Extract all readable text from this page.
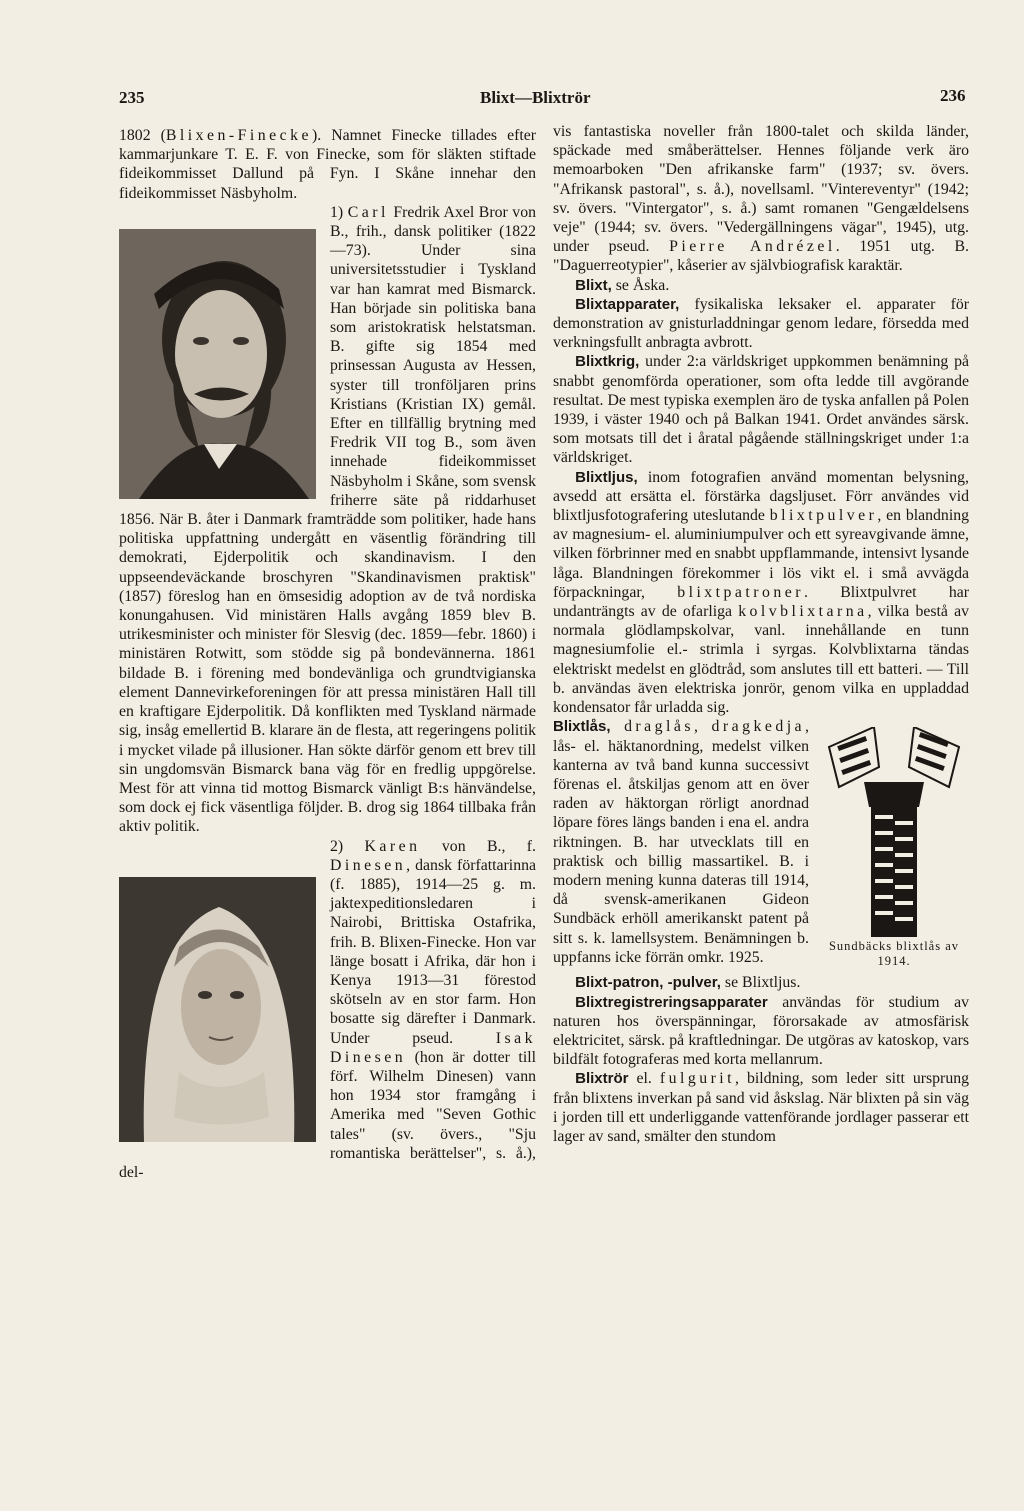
235	Blixt—Blixtrör	236

1802 (Blixen-Finecke). Namnet Finecke tillades efter kammarjunkare T. E. F. von Finecke, som för släkten stiftade fideikommisset Dallund på Fyn. I Skåne innehar den fideikommisset Näsbyholm.

1) Carl Fredrik Axel Bror von B., frih., dansk politiker (1822—73). Under sina universitetsstudier i Tyskland var han kamrat med Bismarck. Han började sin politiska bana som aristokratisk helstatsman. B. gifte sig 1854 med prinsessan Augusta av Hessen, syster till tronföljaren prins Kristians (Kristian IX) gemål. Efter en tillfällig brytning med Fredrik VII tog B., som även innehade fideikommisset Näsbyholm i Skåne, som svensk friherre säte på riddarhuset 1856. När B. åter i Danmark framträdde som politiker, hade hans politiska uppfattning undergått en väsentlig förändring till demokrati, Ejderpolitik och skandinavism. I den uppseendeväckande broschyren "Skandinavismen praktisk" (1857) föreslog han en ömsesidig adoption av de två nordiska konungahusen. Vid ministären Halls avgång 1859 blev B. utrikesminister och minister för Slesvig (dec. 1859—febr. 1860) i ministären Rotwitt, som stödde sig på bondevännerna. 1861 bildade B. i förening med bondevänliga och grundtvigianska element Dannevirkeforeningen för att pressa ministären Hall till en kraftigare Ejderpolitik. Då konflikten med Tyskland närmade sig, insåg emellertid B. klarare än de flesta, att regeringens politik i mycket vilade på illusioner. Han sökte därför genom ett brev till sin ungdomsvän Bismarck bana väg för en fredlig uppgörelse. Mest för att vinna tid mottog Bismarck vänligt B:s hänvändelse, som dock ej fick väsentliga följder. B. drog sig 1864 tillbaka från aktiv politik.

2) Karen von B., f. Dinesen, dansk författarinna (f. 1885), 1914—25 g. m. jaktexpeditionsledaren i Nairobi, Brittiska Ostafrika, frih. B. Blixen-Finecke. Hon var länge bosatt i Afrika, där hon i Kenya 1913—31 förestod skötseln av en stor farm. Hon bosatte sig därefter i Danmark. Under pseud.	Isak Dinesen (hon är dotter till förf. Wilhelm Dinesen) vann hon 1934 stor framgång i Amerika med "Seven Gothic tales" (sv. övers., "Sju romantiska berättelser", s. å.), del-

vis fantastiska noveller från 1800-talet och skilda länder, späckade med småberättelser. Hennes följande verk äro memoarboken "Den afrikanske farm" (1937; sv. övers. "Afrikansk pastoral", s. å.), novellsaml. "Vintereventyr" (1942; sv. övers. "Vintergator", s. å.) samt romanen "Gengældelsens veje" (1944; sv. övers. "Vedergällningens vägar", 1945), utg. under pseud. Pierre Andrézel. 1951 utg. B. "Daguerreotypier", kåserier av självbiografisk karaktär.

Blixt, se Åska.

Blixtapparater, fysikaliska leksaker el. apparater för demonstration av gnisturladdningar genom ledare, försedda med verkningsfullt anbragta avbrott.

Blixtkrig, under 2:a världskriget uppkommen benämning på snabbt genomförda operationer, som ofta ledde till avgörande resultat. De mest typiska exemplen äro de tyska anfallen på Polen 1939, i väster 1940 och på Balkan 1941. Ordet användes särsk. som motsats till det i åratal pågående ställningskriget under 1:a världskriget.

Blixtljus, inom fotografien använd momentan belysning, avsedd att ersätta el. förstärka dagsljuset. Förr användes vid blixtljusfotografering uteslutande blixtpulver, en blandning av magnesium- el. aluminiumpulver och ett syreavgivande ämne, vilken förbrinner med en snabbt uppflammande, intensivt lysande låga. Blandningen förekommer i lös vikt el. i små avvägda förpackningar, blixtpatroner. Blixtpulvret har undanträngts av de ofarliga kolvblixtarna, vilka bestå av normala glödlampskolvar, vanl. innehållande en tunn magnesiumfolie el.- strimla i syrgas. Kolvblixtarna tändas elektriskt medelst en glödtråd, som anslutes till ett batteri. — Till b. användas även elektriska jonrör, genom vilka en uppladdad kondensator får urladda sig.

Sundbäcks blixtlås av 1914.
Blixtlås, draglås, dragkedja, lås- el. häktanordning, medelst vilken kanterna av två band kunna successivt förenas el. åtskiljas genom att en över raden av häktorgan rörligt anordnad löpare föres längs banden i ena el. andra riktningen. B. har utvecklats till en praktisk och billig massartikel. B. i modern mening kunna dateras till 1914, då svensk-amerikanen Gideon Sundbäck erhöll amerikanskt patent på sitt s. k. lamellsystem. Benämningen b. uppfanns icke förrän omkr. 1925.

Blixt-patron, -pulver, se Blixtljus.

Blixtregistreringsapparater användas för studium av naturen hos överspänningar, förorsakade av atmosfärisk elektricitet, särsk. på kraftledningar. De utgöras av katoskop, vars bildfält fotograferas med korta mellanrum.

Blixtrör el. fulgurit, bildning, som leder sitt ursprung från blixtens inverkan på sand vid åskslag. När blixten på sin väg i jorden till ett underliggande vattenförande jordlager passerar ett lager av sand, smälter den stundom
